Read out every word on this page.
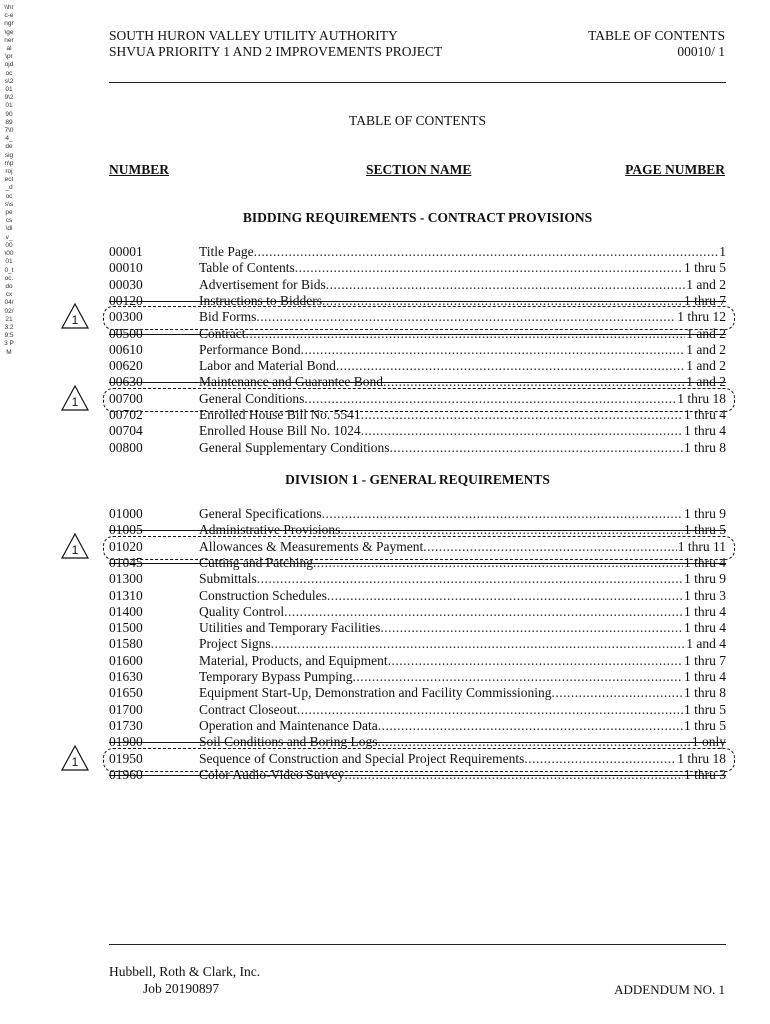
\\hrc-engr\general\projdocs\2019\20190897\04_design\project_docs\specs\div_00\00010_toc.docx 04/02/21 3:29:53 PM
SOUTH HURON VALLEY UTILITY AUTHORITY
SHVUA PRIORITY 1 AND 2 IMPROVEMENTS PROJECT
TABLE OF CONTENTS
00010/ 1
TABLE OF CONTENTS
NUMBER	SECTION NAME	PAGE NUMBER
BIDDING REQUIREMENTS - CONTRACT PROVISIONS
00001	Title Page .....	1
00010	Table of Contents .....	1 thru 5
00030	Advertisement for Bids .....	1 and 2
00120	Instructions to Bidders .....	1 thru 7
00300	Bid Forms .....	1 thru 12
1
00500	Contract .....	1 and 2
00610	Performance Bond .....	1 and 2
00620	Labor and Material Bond .....	1 and 2
00630	Maintenance and Guarantee Bond .....	1 and 2
00700	General Conditions .....	1 thru 18
1
00702	Enrolled House Bill No. 5541 .....	1 thru 4
00704	Enrolled House Bill No. 1024 .....	1 thru 4
00800	General Supplementary Conditions .....	1 thru 8
DIVISION 1 - GENERAL REQUIREMENTS
01000	General Specifications .....	1 thru 9
01005	Administrative Provisions .....	1 thru 5
01020	Allowances & Measurements & Payment .....	1 thru 11
1
01045	Cutting and Patching .....	1 thru 4
01300	Submittals .....	1 thru 9
01310	Construction Schedules .....	1 thru 3
01400	Quality Control .....	1 thru 4
01500	Utilities and Temporary Facilities .....	1 thru 4
01580	Project Signs .....	1 and 4
01600	Material, Products, and Equipment .....	1 thru 7
01630	Temporary Bypass Pumping .....	1 thru 4
01650	Equipment Start-Up, Demonstration and Facility Commissioning .....	1 thru 8
01700	Contract Closeout .....	1 thru 5
01730	Operation and Maintenance Data .....	1 thru 5
01900	Soil Conditions and Boring Logs .....	1 only
01950	Sequence of Construction and Special Project Requirements .....	1 thru 18
1
01960	Color Audio-Video Survey .....	1 thru 3
Hubbell, Roth & Clark, Inc.
Job 20190897	ADDENDUM NO. 1
